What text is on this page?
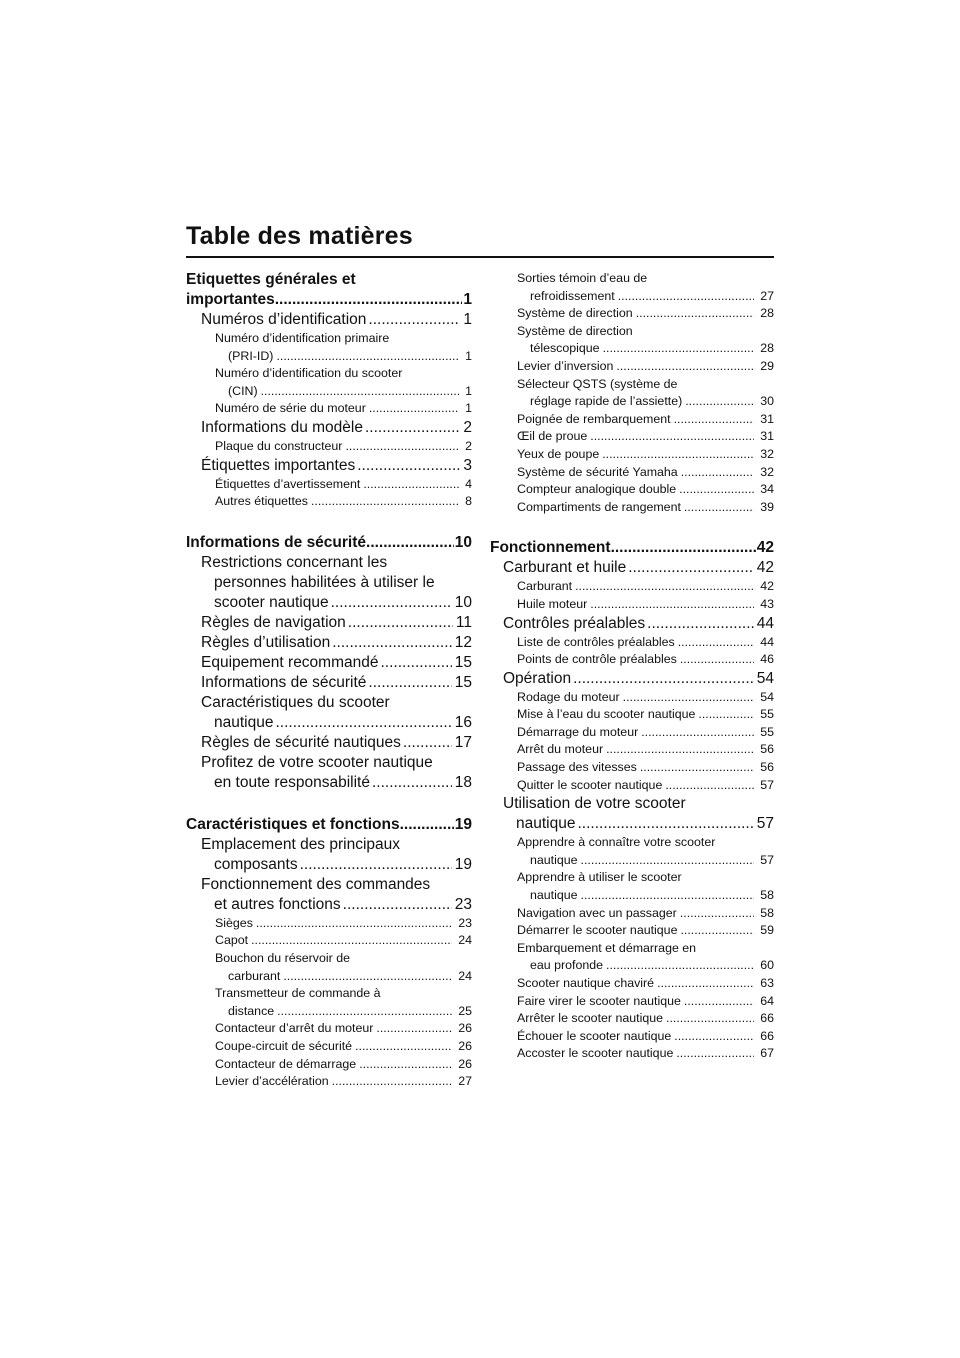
Table des matières
Etiquettes générales et
importantes .....	1
Numéros d’identification .....	1
Numéro d’identification primaire
(PRI-ID) .....	1
Numéro d’identification du scooter
(CIN) .....	1
Numéro de série du moteur .....	1
Informations du modèle .....	2
Plaque du constructeur .....	2
Étiquettes importantes .....	3
Étiquettes d’avertissement .....	4
Autres étiquettes .....	8
Informations de sécurité .....	10
Restrictions concernant les
personnes habilitées à utiliser le
scooter nautique .....	10
Règles de navigation .....	11
Règles d’utilisation .....	12
Equipement recommandé .....	15
Informations de sécurité .....	15
Caractéristiques du scooter
nautique .....	16
Règles de sécurité nautiques .....	17
Profitez de votre scooter nautique
en toute responsabilité .....	18
Caractéristiques et fonctions .....	19
Emplacement des principaux
composants .....	19
Fonctionnement des commandes
et autres fonctions .....	23
Sièges .....	23
Capot .....	24
Bouchon du réservoir de
carburant .....	24
Transmetteur de commande à
distance .....	25
Contacteur d’arrêt du moteur .....	26
Coupe-circuit de sécurité .....	26
Contacteur de démarrage .....	26
Levier d’accélération .....	27
Sorties témoin d’eau de
refroidissement .....	27
Système de direction .....	28
Système de direction
télescopique .....	28
Levier d’inversion .....	29
Sélecteur QSTS (système de
réglage rapide de l’assiette) .....	30
Poignée de rembarquement .....	31
Œil de proue .....	31
Yeux de poupe .....	32
Système de sécurité Yamaha .....	32
Compteur analogique double .....	34
Compartiments de rangement .....	39
Fonctionnement .....	42
Carburant et huile .....	42
Carburant .....	42
Huile moteur .....	43
Contrôles préalables .....	44
Liste de contrôles préalables .....	44
Points de contrôle préalables .....	46
Opération .....	54
Rodage du moteur .....	54
Mise à l’eau du scooter nautique .....	55
Démarrage du moteur .....	55
Arrêt du moteur .....	56
Passage des vitesses .....	56
Quitter le scooter nautique .....	57
Utilisation de votre scooter
nautique .....	57
Apprendre à connaître votre scooter
nautique .....	57
Apprendre à utiliser le scooter
nautique .....	58
Navigation avec un passager .....	58
Démarrer le scooter nautique .....	59
Embarquement et démarrage en
eau profonde .....	60
Scooter nautique chaviré .....	63
Faire virer le scooter nautique .....	64
Arrêter le scooter nautique .....	66
Échouer le scooter nautique .....	66
Accoster le scooter nautique .....	67
